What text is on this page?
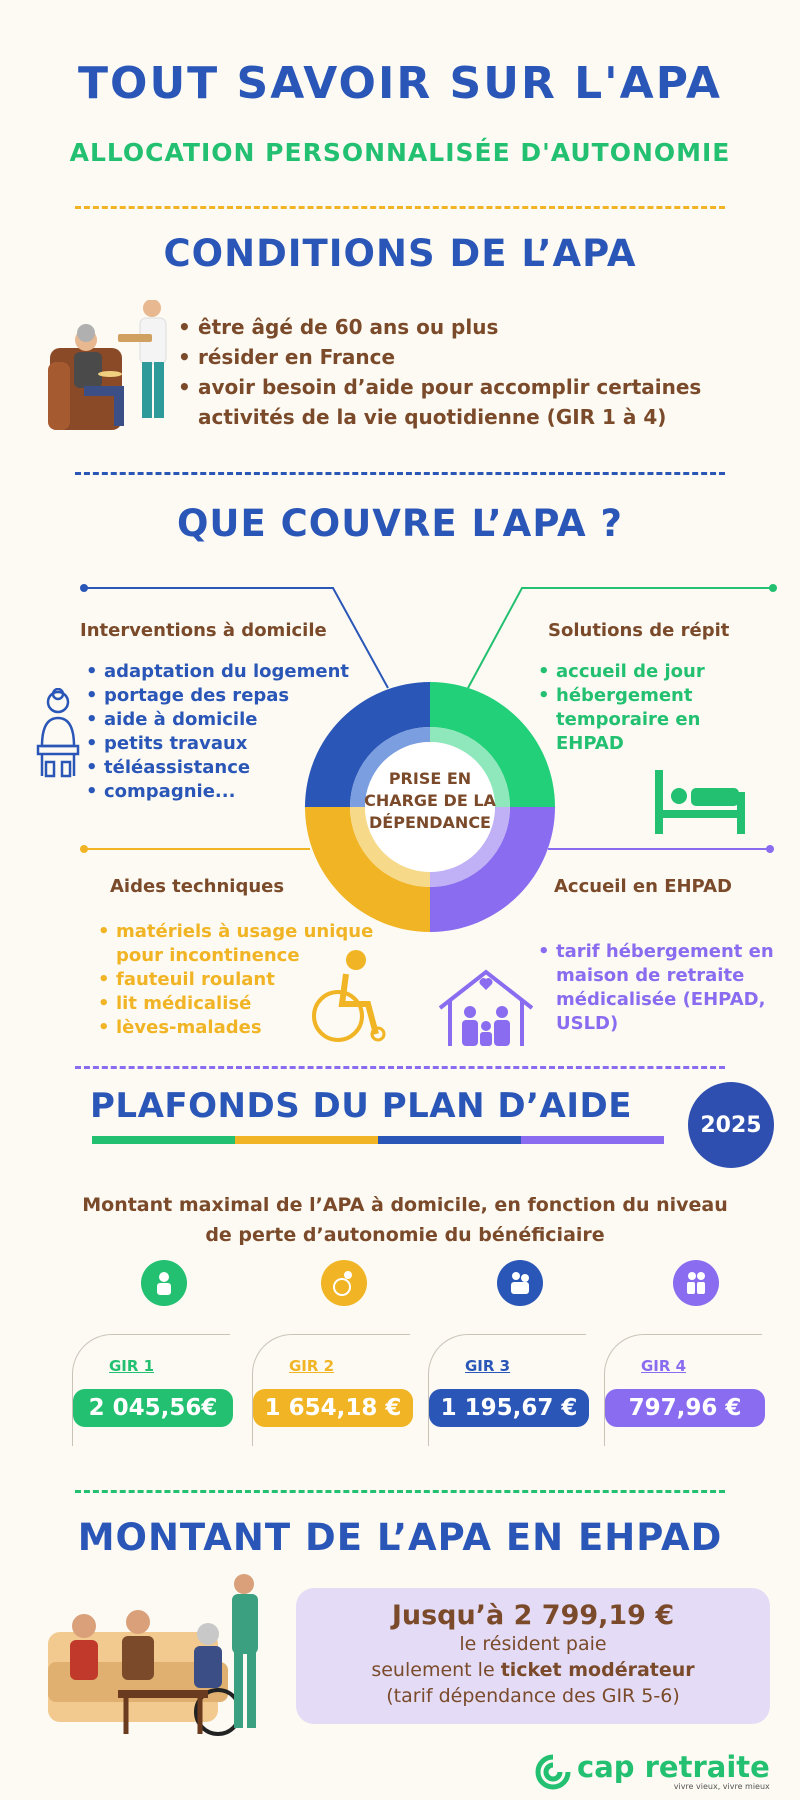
TOUT SAVOIR SUR L'APA
ALLOCATION PERSONNALISÉE D'AUTONOMIE
CONDITIONS DE L’APA
• être âgé de 60 ans ou plus
• résider en France
• avoir besoin d’aide pour accomplir certaines activités de la vie quotidienne (GIR 1 à 4)
QUE COUVRE L’APA ?
PRISE EN CHARGE DE LA DÉPENDANCE
Interventions à domicile
• adaptation du logement
• portage des repas
• aide à domicile
• petits travaux
• téléassistance
• compagnie...
Solutions de répit
• accueil de jour
• hébergement temporaire en EHPAD
Aides techniques
• matériels à usage unique pour incontinence
• fauteuil roulant
• lit médicalisé
• lèves-malades
Accueil en EHPAD
• tarif hébergement en maison de retraite médicalisée (EHPAD, USLD)
PLAFONDS DU PLAN D’AIDE	2025
Montant maximal de l’APA à domicile, en fonction du niveau de perte d’autonomie du bénéficiaire
GIR 1
2 045,56€
GIR 2
1 654,18 €
GIR 3
1 195,67 €
GIR 4
797,96 €
MONTANT DE L’APA EN EHPAD
Jusqu’à 2 799,19 €
le résident paie
seulement le ticket modérateur
(tarif dépendance des GIR 5-6)
cap retraite
vivre vieux, vivre mieux
